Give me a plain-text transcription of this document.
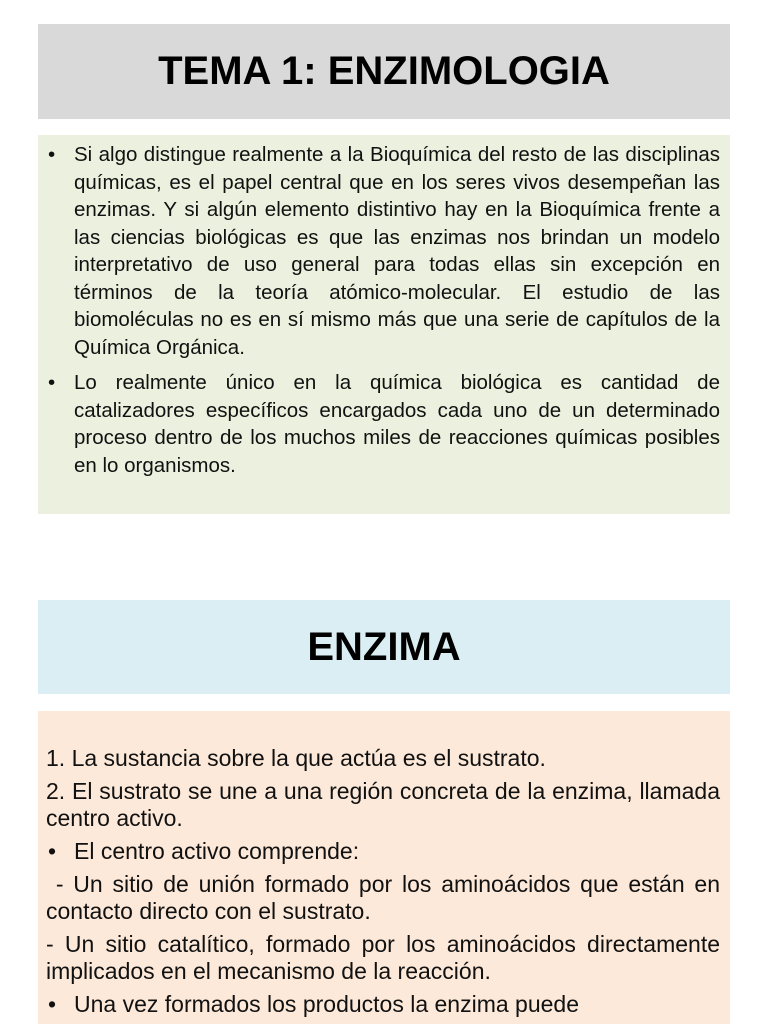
TEMA 1: ENZIMOLOGIA
• Si algo distingue realmente a la Bioquímica del resto de las disciplinas químicas, es el papel central que en los seres vivos desempeñan las enzimas. Y si algún elemento distintivo hay en la Bioquímica frente a las ciencias biológicas es que las enzimas nos brindan un modelo interpretativo de uso general para todas ellas sin excepción en términos de la teoría atómico-molecular. El estudio de las biomoléculas no es en sí mismo más que una serie de capítulos de la Química Orgánica.
• Lo realmente único en la química biológica es cantidad de catalizadores específicos encargados cada uno de un determinado proceso dentro de los muchos miles de reacciones químicas posibles en lo organismos.
ENZIMA

1. La sustancia sobre la que actúa es el sustrato.

2. El sustrato se une a una región concreta de la enzima, llamada centro activo.

• El centro activo comprende:

- Un sitio de unión formado por los aminoácidos que están en contacto directo con el sustrato.

- Un sitio catalítico, formado por los aminoácidos directamente implicados en el mecanismo de la reacción.

• Una vez formados los productos la enzima puede
